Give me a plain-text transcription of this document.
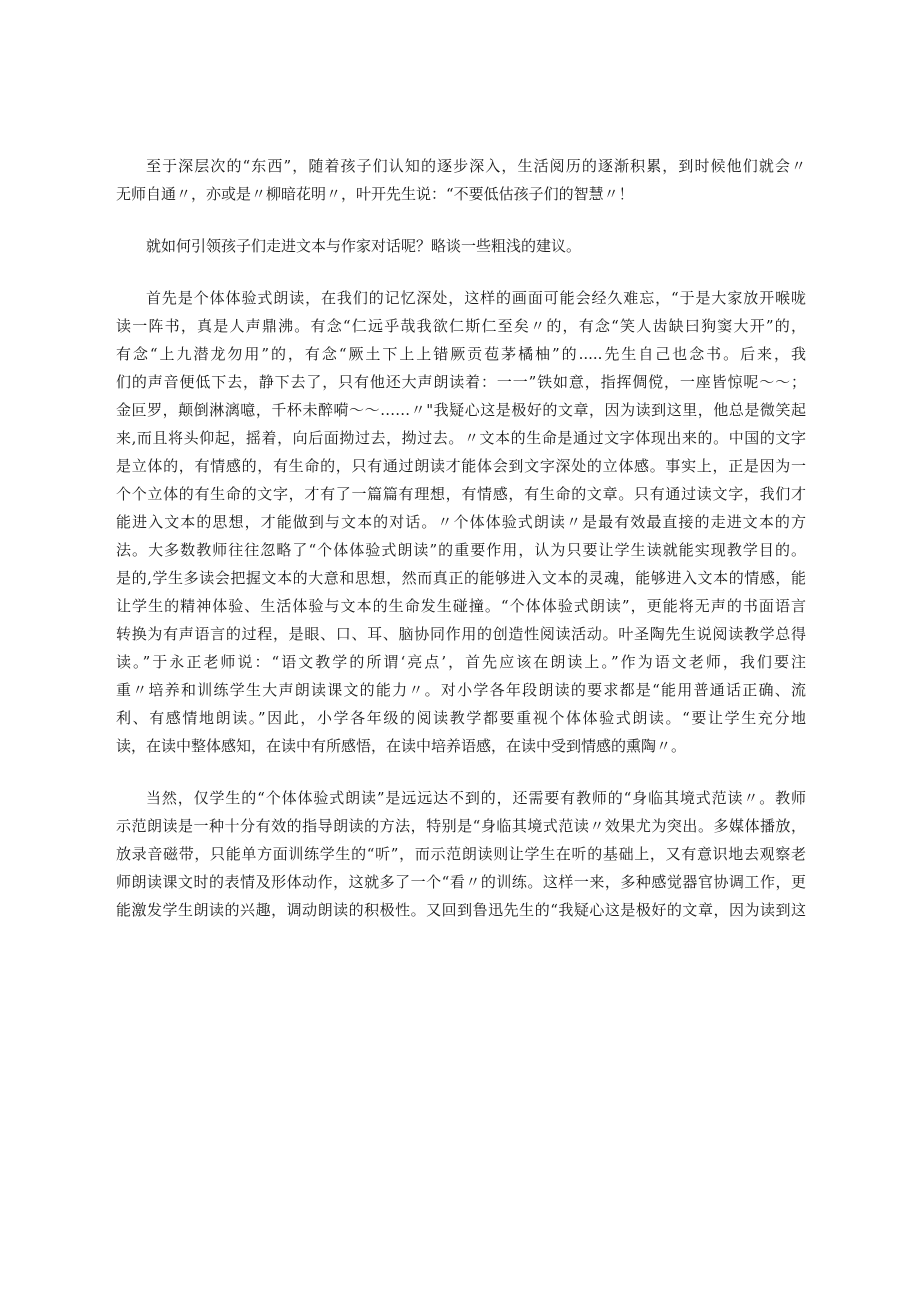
至于深层次的“东西”，随着孩子们认知的逐步深入，生活阅历的逐渐积累，到时候他们就会〃
无师自通〃，亦或是〃柳暗花明〃，叶开先生说：“不要低估孩子们的智慧〃！

就如何引领孩子们走进文本与作家对话呢？略谈一些粗浅的建议。

首先是个体体验式朗读，在我们的记忆深处，这样的画面可能会经久难忘，“于是大家放开喉咙
读一阵书，真是人声鼎沸。有念“仁远乎哉我欲仁斯仁至矣〃的，有念“笑人齿缺曰狗窦大开”的，
有念“上九潜龙勿用”的，有念“厥土下上上错厥贡苞茅橘柚”的.....先生自己也念书。后来，我
们的声音便低下去，静下去了，只有他还大声朗读着：一一”铁如意，指挥倜傥，一座皆惊呢～～；
金叵罗，颠倒淋漓噫，千杯未醉嗬～～……〃"我疑心这是极好的文章，因为读到这里，他总是微笑起
来,而且将头仰起，摇着，向后面拗过去，拗过去。〃文本的生命是通过文字体现出来的。中国的文字
是立体的，有情感的，有生命的，只有通过朗读才能体会到文字深处的立体感。事实上，正是因为一
个个立体的有生命的文字，才有了一篇篇有理想，有情感，有生命的文章。只有通过读文字，我们才
能进入文本的思想，才能做到与文本的对话。〃个体体验式朗读〃是最有效最直接的走进文本的方
法。大多数教师往往忽略了“个体体验式朗读”的重要作用，认为只要让学生读就能实现教学目的。
是的,学生多读会把握文本的大意和思想，然而真正的能够进入文本的灵魂，能够进入文本的情感，能
让学生的精神体验、生活体验与文本的生命发生碰撞。“个体体验式朗读”，更能将无声的书面语言
转换为有声语言的过程，是眼、口、耳、脑协同作用的创造性阅读活动。叶圣陶先生说阅读教学总得
读。”于永正老师说：“语文教学的所谓‘亮点’，首先应该在朗读上。”作为语文老师，我们要注
重〃培养和训练学生大声朗读课文的能力〃。对小学各年段朗读的要求都是“能用普通话正确、流
利、有感情地朗读。”因此，小学各年级的阅读教学都要重视个体体验式朗读。“要让学生充分地
读，在读中整体感知，在读中有所感悟，在读中培养语感，在读中受到情感的熏陶〃。

当然，仅学生的“个体体验式朗读”是远远达不到的，还需要有教师的“身临其境式范读〃。教师
示范朗读是一种十分有效的指导朗读的方法，特别是“身临其境式范读〃效果尤为突出。多媒体播放，
放录音磁带，只能单方面训练学生的“听”，而示范朗读则让学生在听的基础上，又有意识地去观察老
师朗读课文时的表情及形体动作，这就多了一个“看〃的训练。这样一来，多种感觉器官协调工作，更
能激发学生朗读的兴趣，调动朗读的积极性。又回到鲁迅先生的“我疑心这是极好的文章，因为读到这
